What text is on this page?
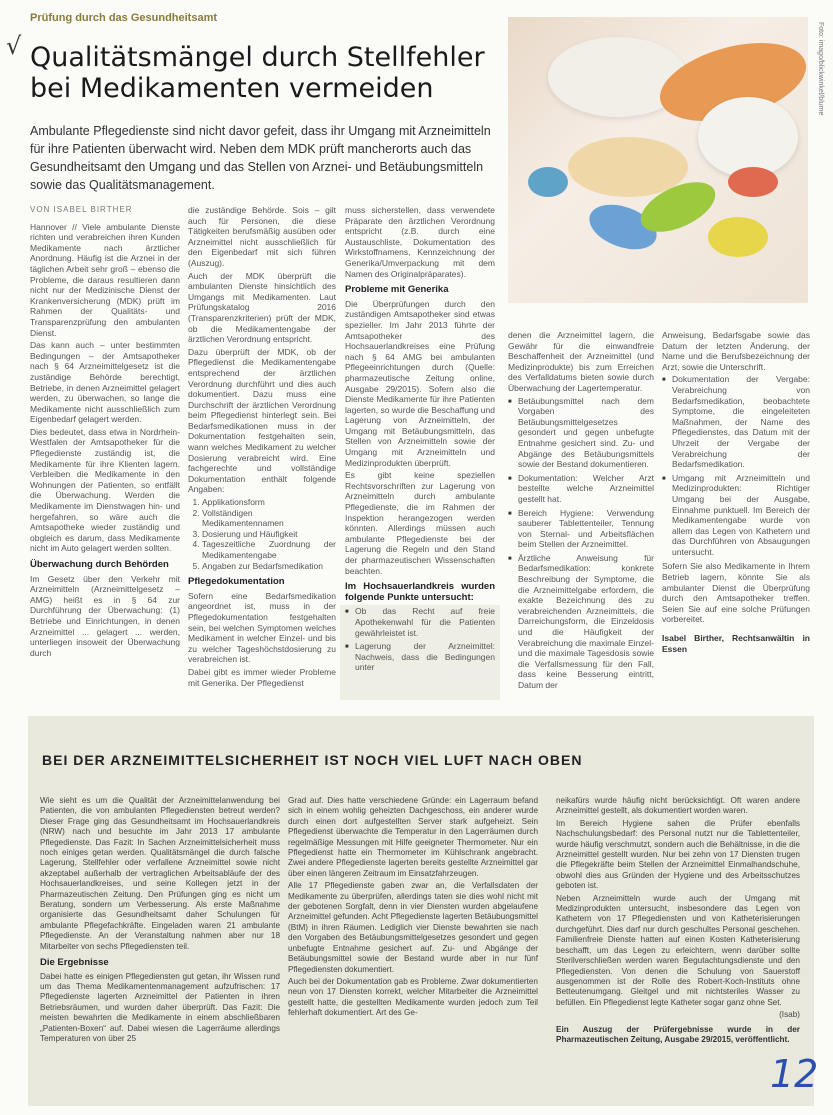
Prüfung durch das Gesundheitsamt
√ Qualitätsmängel durch Stellfehler bei Medikamenten vermeiden
Ambulante Pflegedienste sind nicht davor gefeit, dass ihr Umgang mit Arzneimitteln für ihre Patienten überwacht wird. Neben dem MDK prüft mancherorts auch das Gesundheitsamt den Umgang und das Stellen von Arznei- und Betäubungsmitteln sowie das Qualitätsmanagement.
Foto: imago/blickwinkel/blume
VON ISABEL BIRTHER

Hannover // Viele ambulante Dienste richten und verabreichen ihren Kunden Medikamente nach ärztlicher Anordnung. Häufig ist die Arznei in der täglichen Arbeit sehr groß – ebenso die Probleme, die daraus resultieren dann nicht nur der Medizinische Dienst der Krankenversicherung (MDK) prüft im Rahmen der Qualitäts- und Transparenzprüfung den ambulanten Dienst.

Das kann auch – unter bestimmten Bedingungen – der Amtsapotheker nach § 64 Arzneimittelgesetz ist die zuständige Behörde berechtigt, Betriebe, in denen Arzneimittel gelagert werden, zu überwachen, so lange die Medikamente nicht ausschließlich zum Eigenbedarf gelagert werden.

Dies bedeutet, dass etwa in Nordrhein-Westfalen der Amtsapotheker für die Pflegedienste zuständig ist, die Medikamente für ihre Klienten lagern. Verbleiben die Medikamente in den Wohnungen der Patienten, so entfällt die Überwachung. Werden die Medikamente im Dienstwagen hin- und hergefahren, so wäre auch die Amtsapotheke wieder zuständig und obgleich es darum, dass Medikamente nicht im Auto gelagert werden sollten.

Überwachung durch Behörden

Im Gesetz über den Verkehr mit Arzneimitteln (Arzneimittelgesetz – AMG) heißt es in § 64 zur Durchführung der Überwachung: (1) Betriebe und Einrichtungen, in denen Arzneimittel ... gelagert ... werden, unterliegen insoweit der Überwachung durch

die zuständige Behörde. Sois – gilt auch für Personen, die diese Tätigkeiten berufsmäßig ausüben oder Arzneimittel nicht ausschließlich für den Eigenbedarf mit sich führen (Auszug).

Auch der MDK überprüft die ambulanten Dienste hinsichtlich des Umgangs mit Medikamenten. Laut Prüfungskatalog 2016 (Transparenzkriterien) prüft der MDK, ob die Medikamentengabe der ärztlichen Verordnung entspricht.

Dazu überprüft der MDK, ob der Pflegedienst die Medikamentengabe entsprechend der ärztlichen Verordnung durchführt und dies auch dokumentiert. Dazu muss eine Durchschrift der ärztlichen Verordnung beim Pflegedienst hinterlegt sein. Bei Bedarfsmedikationen muss in der Dokumentation festgehalten sein, wann welches Medikament zu welcher Dosierung verabreicht wird. Eine fachgerechte und vollständige Dokumentation enthält folgende Angaben:

1. Applikationsform
2. Vollständigen Medikamentennamen
3. Dosierung und Häufigkeit
4. Tageszeitliche Zuordnung der Medikamentengabe
5. Angaben zur Bedarfsmedikation
Pflegedokumentation

Sofern eine Bedarfsmedikation angeordnet ist, muss in der Pflegedokumentation festgehalten sein, bei welchen Symptomen welches Medikament in welcher Einzel- und bis zu welcher Tageshöchstdosierung zu verabreichen ist.

Dabei gibt es immer wieder Probleme mit Generika. Der Pflegedienst

muss sicherstellen, dass verwendete Präparate den ärztlichen Verordnung entspricht (z.B. durch eine Austauschliste, Dokumentation des Wirkstoffnamens, Kennzeichnung der Generika/Umverpackung mit dem Namen des Originalpräparates).

Probleme mit Generika

Die Überprüfungen durch den zuständigen Amtsapotheker sind etwas spezieller. Im Jahr 2013 führte der Amtsapotheker des Hochsauerlandkreises eine Prüfung nach § 64 AMG bei ambulanten Pflegeeinrichtungen durch (Quelle: pharmazeutische Zeitung online, Ausgabe 29/2015). Sofern also die Dienste Medikamente für ihre Patienten lagerten, so wurde die Beschaffung und Lagerung von Arzneimitteln, der Umgang mit Betäubungsmitteln, das Stellen von Arzneimitteln sowie der Umgang mit Arzneimitteln und Medizinprodukten überprüft.

Es gibt keine speziellen Rechtsvorschriften zur Lagerung von Arzneimitteln durch ambulante Pflegedienste, die im Rahmen der Inspektion herangezogen werden könnten. Allerdings müssen auch ambulante Pflegedienste bei der Lagerung die Regeln und den Stand der pharmazeutischen Wissenschaften beachten.

Im Hochsauerlandkreis wurden folgende Punkte untersucht:
■ Ob das Recht auf freie Apothekenwahl für die Patienten gewährleistet ist.
■ Lagerung der Arzneimittel: Nachweis, dass die Bedingungen unter

denen die Arzneimittel lagern, die Gewähr für die einwandfreie Beschaffenheit der Arzneimittel (und Medizinprodukte) bis zum Erreichen des Verfalldatums bieten sowie durch Überwachung der Lagertemperatur.

■ Betäubungsmittel nach dem Vorgaben des Betäubungsmittelgesetzes gesondert und gegen unbefugte Entnahme gesichert sind. Zu- und Abgänge des Betäubungsmittels sowie der Bestand dokumentieren.
■ Dokumentation: Welcher Arzt bestellte welche Arzneimittel gestellt hat.
■ Bereich Hygiene: Verwendung sauberer Tablettenteiler, Tennung von Sternal- und Arbeitsflächen beim Stellen der Arzneimittel.
■ Ärztliche Anweisung für Bedarfsmedikation: konkrete Beschreibung der Symptome, die die Arzneimittelgabe erfordern, die exakte Bezeichnung des zu verabreichenden Arzneimittels, die Darreichungsform, die Einzeldosis und die Häufigkeit der Verabreichung die maximale Einzel- und die maximale Tagesdosis sowie die Verfallsmessung für den Fall, dass keine Besserung eintritt, Datum der

Anweisung, Bedarfsgabe sowie das Datum der letzten Änderung, der Name und die Berufsbezeichnung der Arzt, sowie die Unterschrift.

■ Dokumentation der Vergabe: Verabreichung von Bedarfsmedikation, beobachtete Symptome, die eingeleiteten Maßnahmen, der Name des Pflegedienstes, das Datum mit der Uhrzeit der Vergabe der Verabreichung der Bedarfsmedikation.
■ Umgang mit Arzneimitteln und Medizinprodukten: Richtiger Umgang bei der Ausgabe, Einnahme punktuell. Im Bereich der Medikamentengabe wurde von allem das Legen von Kathetern und das Durchführen von Absaugungen untersucht.

Sofern Sie also Medikamente in Ihrem Betrieb lagern, könnte Sie als ambulanter Dienst die Überprüfung durch den Amtsapotheker treffen. Seien Sie auf eine solche Prüfungen vorbereitet.

Isabel Birther, Rechtsanwältin in Essen
BEI DER ARZNEIMITTELSICHERHEIT IST NOCH VIEL LUFT NACH OBEN

Wie sieht es um die Qualität der Arzneimittelanwendung bei Patienten, die von ambulanten Pflegediensten betreut werden? Dieser Frage ging das Gesundheitsamt im Hochsauerlandkreis (NRW) nach und besuchte im Jahr 2013 17 ambulante Pflegedienste. Das Fazit: In Sachen Arzneimittelsicherheit muss noch einiges getan werden. Qualitätsmängel die durch falsche Lagerung, Stellfehler oder verfallene Arzneimittel sowie nicht akzeptabel außerhalb der vertraglichen Arbeitsabläufe der des Hochsauerlandkreises, und seine Kollegen jetzt in der Pharmazeutischen Zeitung. Den Prüfungen ging es nicht um Beratung, sondern um Verbesserung. Als erste Maßnahme organisierte das Gesundheitsamt daher Schulungen für ambulante Pflegefachkräfte. Eingeladen waren 21 ambulante Pflegedienste. An der Veranstaltung nahmen aber nur 18 Mitarbeiter von sechs Pflegediensten teil.

Die Ergebnisse

Dabei hatte es einigen Pflegediensten gut getan, ihr Wissen rund um das Thema Medikamentenmanagement aufzufrischen: 17 Pflegedienste lagerten Arzneimittel der Patienten in ihren Betriebsräumen, und wurden daher überprüft. Das Fazit: Die meisten bewahrten die Medikamente in einem abschließbaren „Patienten-Boxen“ auf. Dabei wiesen die Lagerräume allerdings Temperaturen von über 25

Grad auf. Dies hatte verschiedene Gründe: ein Lagerraum befand sich in einem wohlig geheizten Dachgeschoss, ein anderer wurde durch einen dort aufgestellten Server stark aufgeheizt. Sein Pflegedienst überwachte die Temperatur in den Lagerräumen durch regelmäßige Messungen mit Hilfe geeigneter Thermometer. Nur ein Pflegedienst hatte ein Thermometer im Kühlschrank angebracht. Zwei andere Pflegedienste lagerten bereits gestellte Arzneimittel gar über einen längeren Zeitraum im Einsatzfahrzeugen.

Alle 17 Pflegedienste gaben zwar an, die Verfallsdaten der Medikamente zu überprüfen, allerdings taten sie dies wohl nicht mit der gebotenen Sorgfalt, denn in vier Diensten wurden abgelaufene Arzneimittel gefunden. Acht Pflegedienste lagerten Betäubungsmittel (BtM) in ihren Räumen. Lediglich vier Dienste bewahrten sie nach den Vorgaben des Betäubungsmittelgesetzes gesondert und gegen unbefugte Entnahme gesichert auf. Zu- und Abgänge der Betäubungsmittel sowie der Bestand wurde aber in nur fünf Pflegediensten dokumentiert.

Auch bei der Dokumentation gab es Probleme. Zwar dokumentierten neun von 17 Diensten korrekt, welcher Mitarbeiter die Arzneimittel gestellt hatte, die gestellten Medikamente wurden jedoch zum Teil fehlerhaft dokumentiert. Art des Ge-

neikafürs wurde häufig nicht berücksichtigt. Oft waren andere Arzneimittel gestellt, als dokumentiert worden waren.

Im Bereich Hygiene sahen die Prüfer ebenfalls Nachschulungsbedarf: des Personal nutzt nur die Tablettenteiler, wurde häufig verschmutzt, sondern auch die Behältnisse, in die die Arzneimittel gestellt wurden. Nur bei zehn von 17 Diensten trugen die Pflegekräfte beim Stellen der Arzneimittel Einmalhandschuhe, obwohl dies aus Gründen der Hygiene und des Arbeitsschutzes geboten ist.

Neben Arzneimitteln wurde auch der Umgang mit Medizinprodukten untersucht, insbesondere das Legen von Kathetern von 17 Pflegediensten und von Katheterisierungen durchgeführt. Dies darf nur durch geschultes Personal geschehen. Familienfreie Dienste hatten auf einen Kosten Katheterisierung beschafft, um das Legen zu erleichtern, wenn darüber sollte Sterilverschließen werden waren Begutachtungsdienste und den Pflegediensten. Von denen die Schulung von Sauerstoff ausgenommen ist der Rolle des Robert-Koch-Instituts ohne Betteutenumgang. Gleitgel und mit nichtsteriles Wasser zu befüllen. Ein Pflegedienst legte Katheter sogar ganz ohne Set.

(Isab)

Ein Auszug der Prüfergebnisse wurde in der Pharmazeutischen Zeitung, Ausgabe 29/2015, veröffentlicht.

12
